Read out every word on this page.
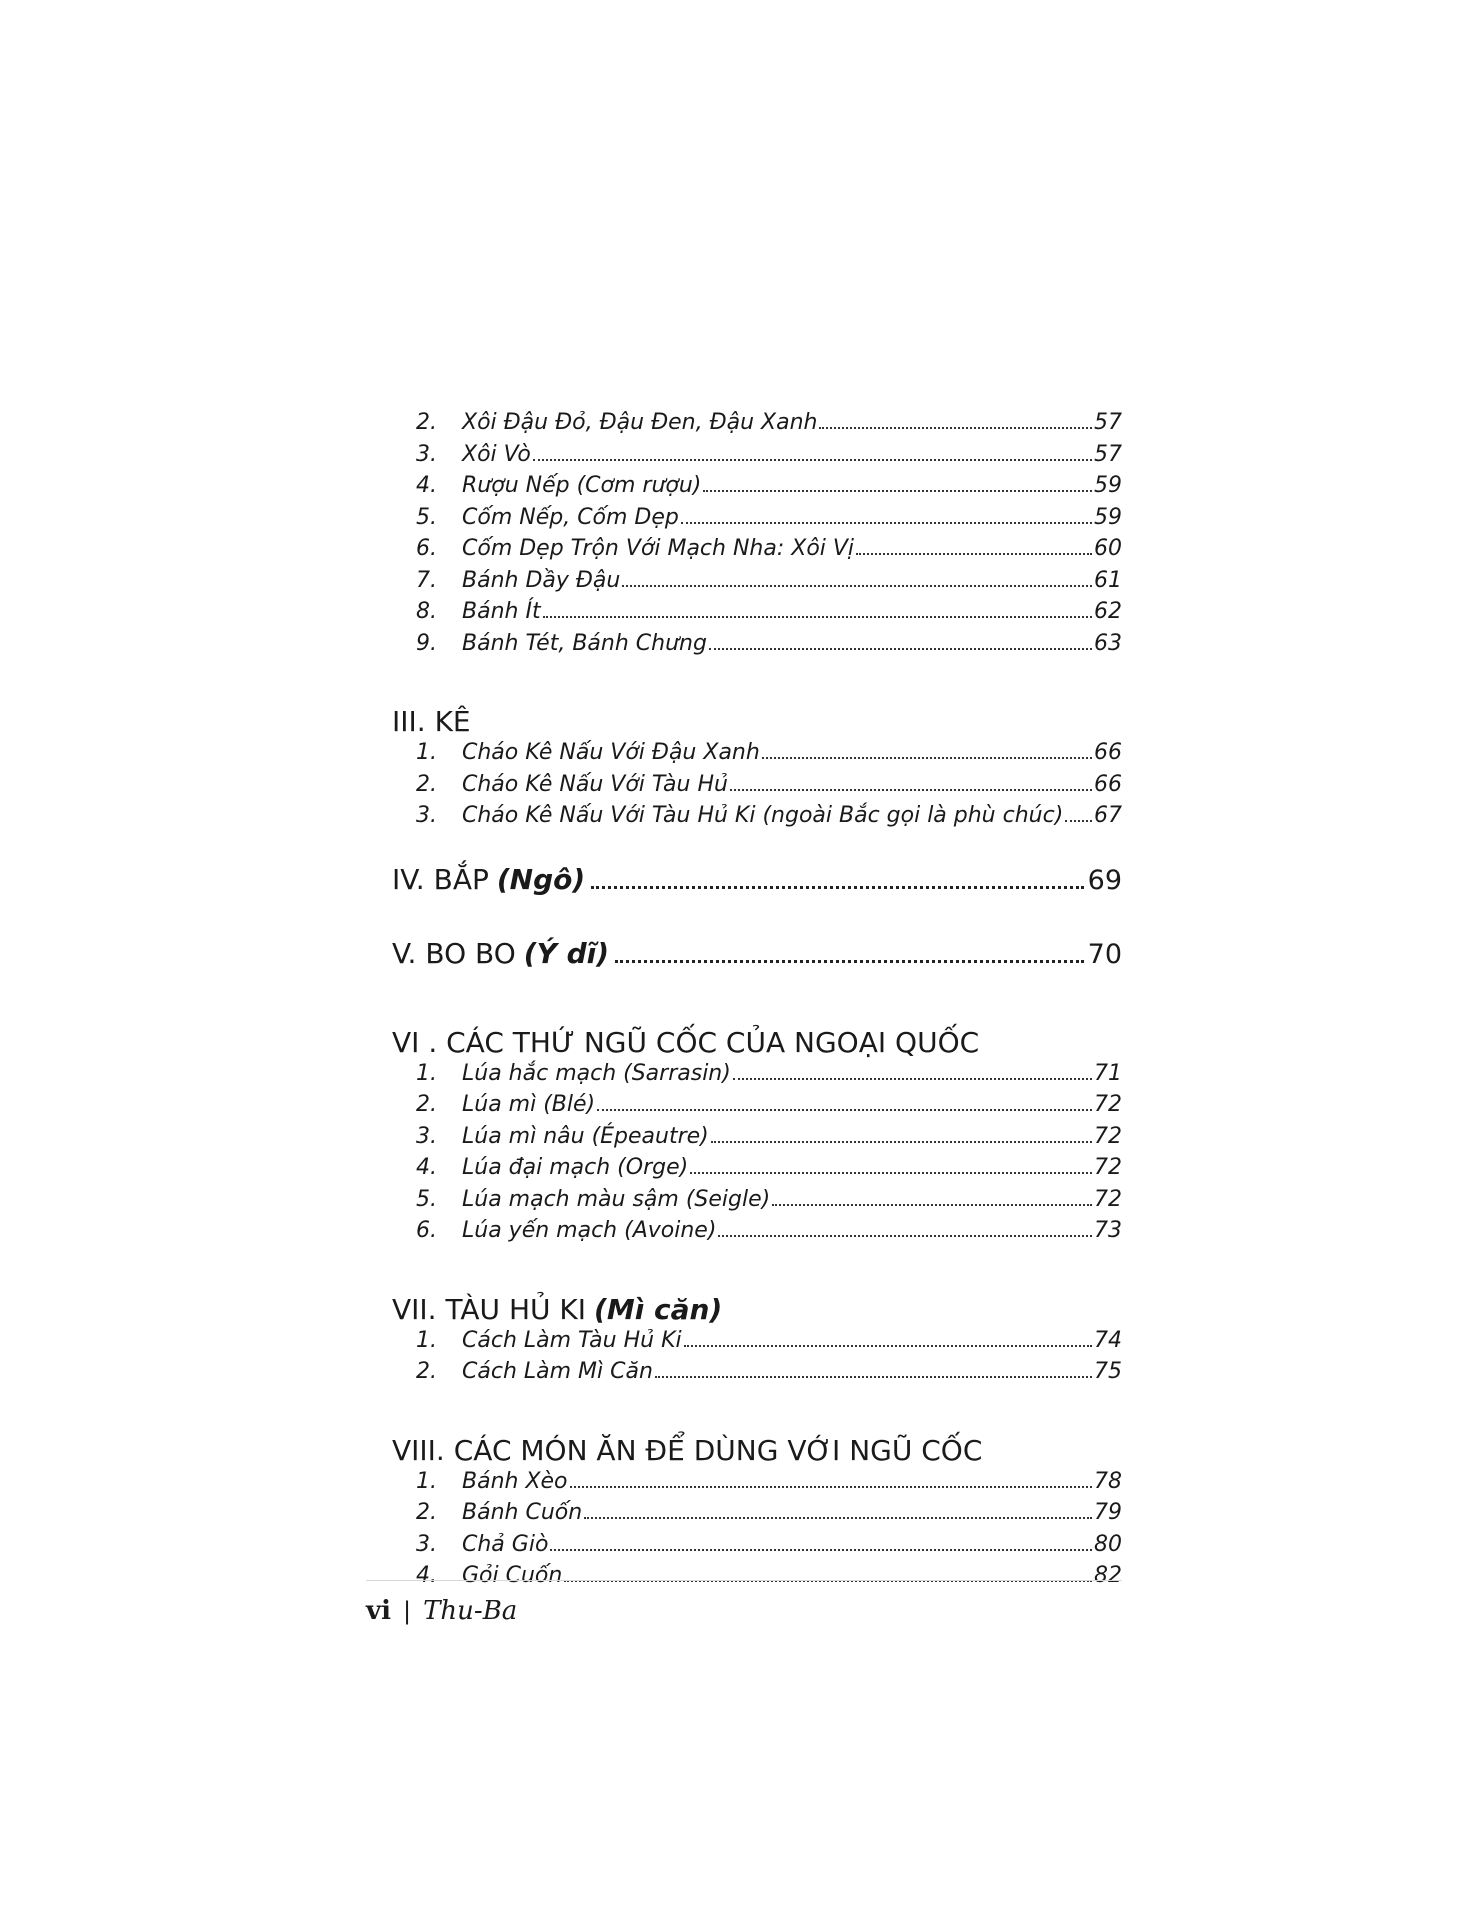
2.	Xôi Đậu Đỏ, Đậu Đen, Đậu Xanh	57
3.	Xôi Vò	57
4.	Rượu Nếp (Cơm rượu)	59
5.	Cốm Nếp, Cốm Dẹp	59
6.	Cốm Dẹp Trộn Với Mạch Nha: Xôi Vị	60
7.	Bánh Dầy Đậu	61
8.	Bánh Ít	62
9.	Bánh Tét, Bánh Chưng	63
III. KÊ
1.	Cháo Kê Nấu Với Đậu Xanh	66
2.	Cháo Kê Nấu Với Tàu Hủ	66
3.	Cháo Kê Nấu Với Tàu Hủ Ki (ngoài Bắc gọi là phù chúc) 67
IV. BẮP (Ngô)	69
V. BO BO (Ý dĩ)	70
VI . CÁC THỨ NGŨ CỐC CỦA NGOẠI QUỐC
1.	Lúa hắc mạch (Sarrasin)	71
2.	Lúa mì (Blé)	72
3.	Lúa mì nâu (Épeautre)	72
4.	Lúa đại mạch (Orge)	72
5.	Lúa mạch màu sậm (Seigle)	72
6.	Lúa yến mạch (Avoine)	73
VII. TÀU HỦ KI (Mì căn)
1.	Cách Làm Tàu Hủ Ki	74
2.	Cách Làm Mì Căn	75
VIII. CÁC MÓN ĂN ĐỂ DÙNG VỚI NGŨ CỐC
1.	Bánh Xèo	78
2.	Bánh Cuốn	79
3.	Chả Giò	80
4.	Gỏi Cuốn	82
vi | Thu-Ba
